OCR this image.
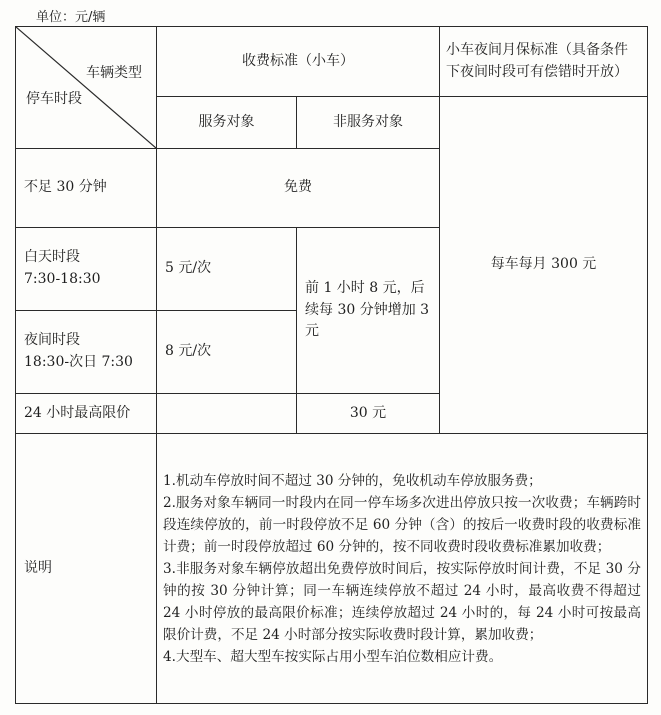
单位：元/辆
车辆类型
停车时段	收费标准（小车）		小车夜间月保标准（具备条件下夜间时段可有偿错时开放）
	服务对象	非服务对象	每车每月 300 元
不足 30 分钟	免费		

白天时段
7:30-18:30	5 元/次	前 1 小时 8 元，后续每 30 分钟增加 3 元	

夜间时段
18:30-次日 7:30	8 元/次		
24 小时最高限价		30 元	
说明	1.机动车停放时间不超过 30 分钟的，免收机动车停放服务费；

2.服务对象车辆同一时段内在同一停车场多次进出停放只按一次收费；车辆跨时段连续停放的，前一时段停放不足 60 分钟（含）的按后一收费时段的收费标准计费；前一时段停放超过 60 分钟的，按不同收费时段收费标准累加收费；

3.非服务对象车辆停放超出免费停放时间后，按实际停放时间计费，不足 30 分钟的按 30 分钟计算；同一车辆连续停放不超过 24 小时，最高收费不得超过 24 小时停放的最高限价标准；连续停放超过 24 小时的，每 24 小时可按最高限价计费，不足 24 小时部分按实际收费时段计算，累加收费；

4.大型车、超大型车按实际占用小型车泊位数相应计费。		
